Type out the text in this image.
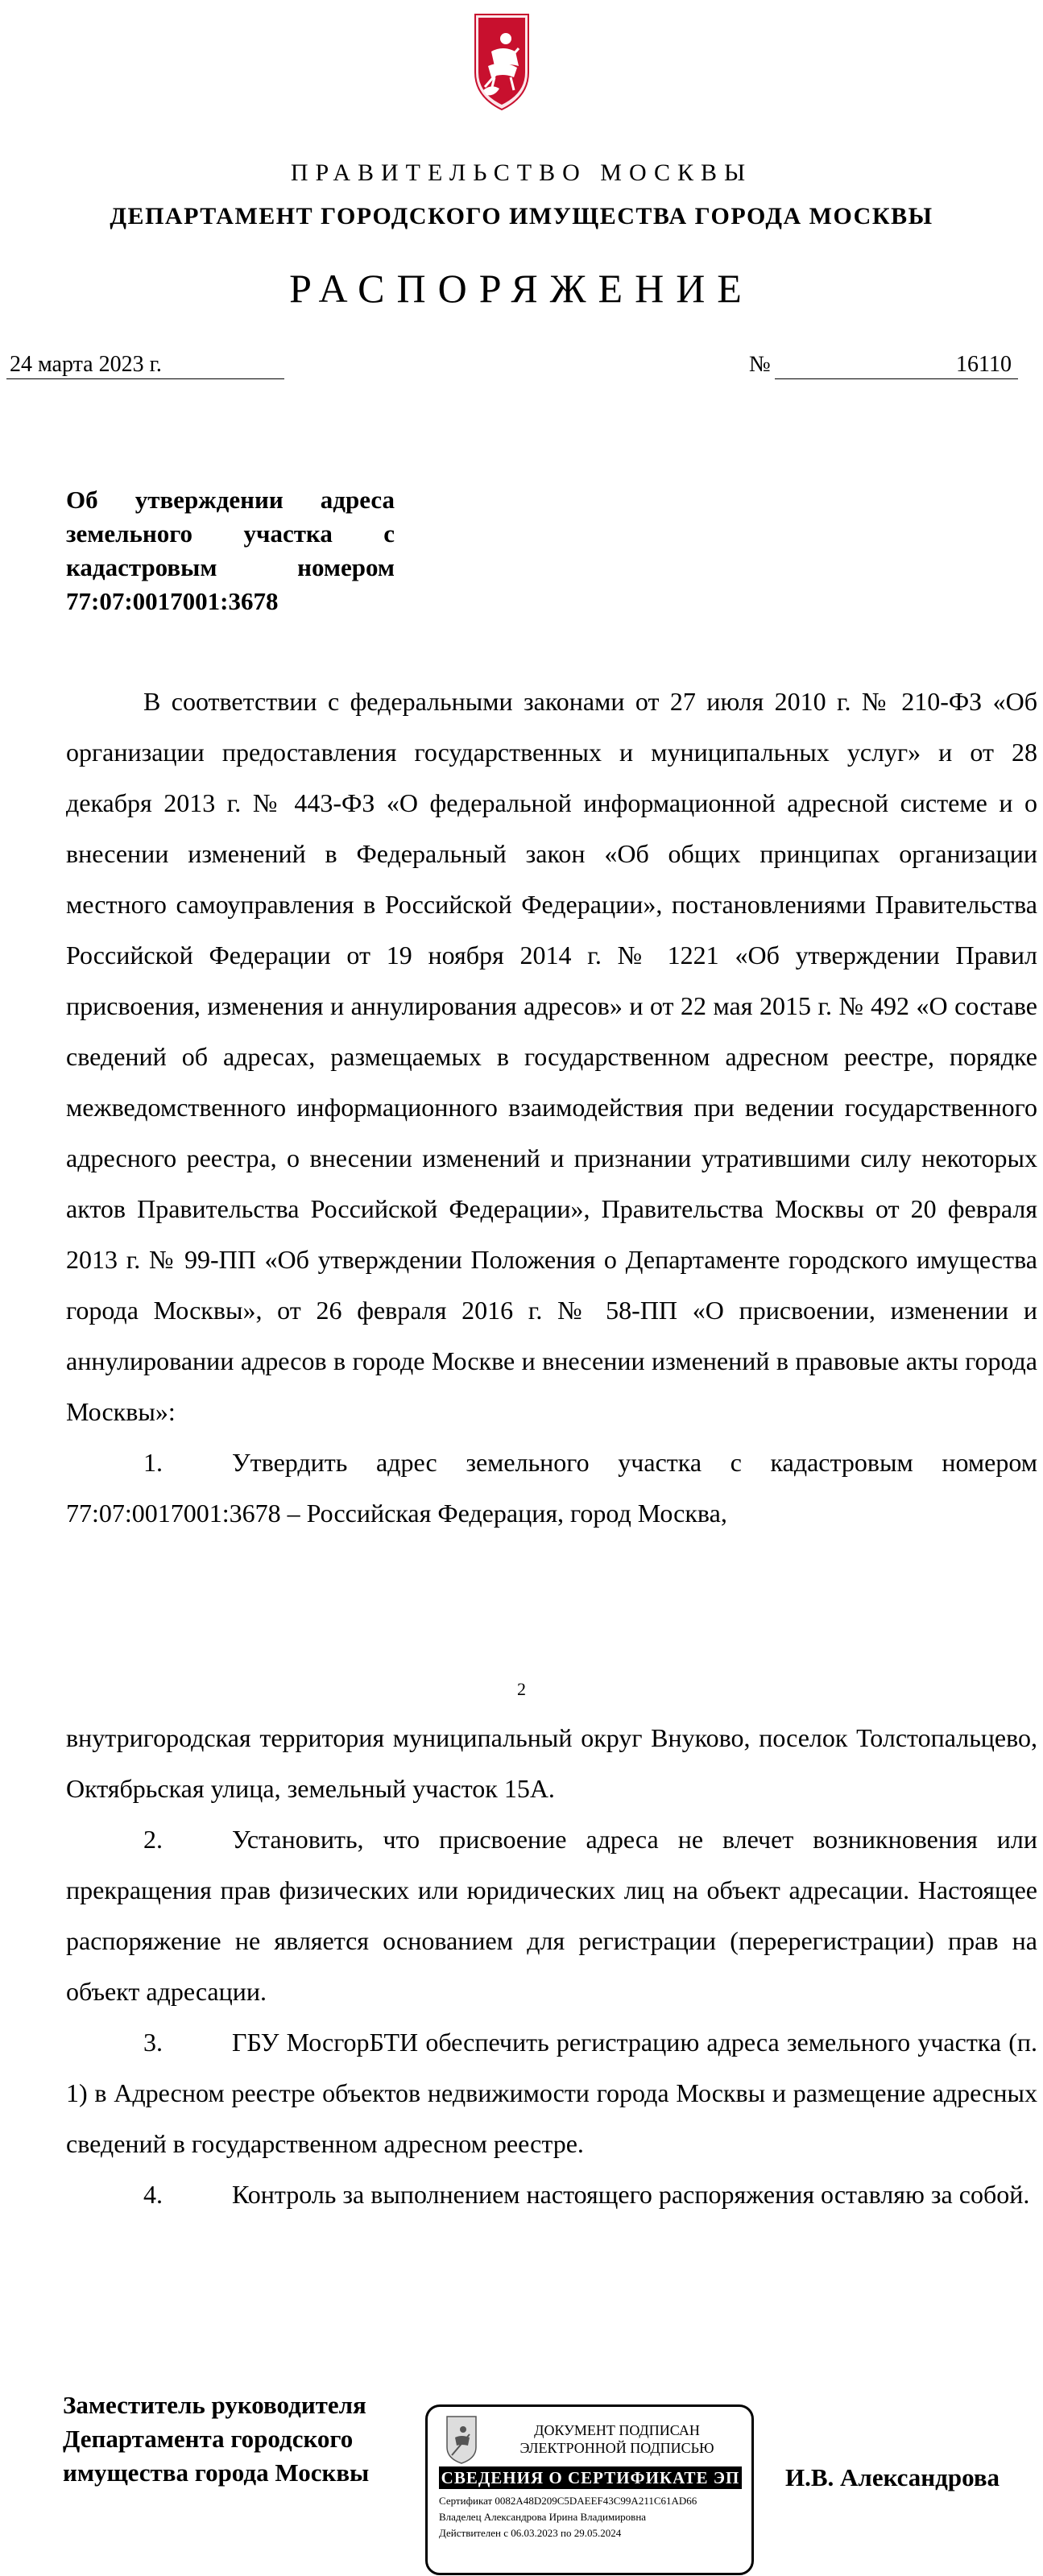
ПРАВИТЕЛЬСТВО МОСКВЫ
ДЕПАРТАМЕНТ ГОРОДСКОГО ИМУЩЕСТВА ГОРОДА МОСКВЫ
РАСПОРЯЖЕНИЕ
24 марта 2023 г.	№	16110
Об утверждении адреса земельного участка с кадастровым номером 77:07:0017001:3678

В соответствии с федеральными законами от 27 июля 2010 г. № 210-ФЗ «Об организации предоставления государственных и муниципальных услуг» и от 28 декабря 2013 г. № 443-ФЗ «О федеральной информационной адресной системе и о внесении изменений в Федеральный закон «Об общих принципах организации местного самоуправления в Российской Федерации», постановлениями Правительства Российской Федерации от 19 ноября 2014 г. № 1221 «Об утверждении Правил присвоения, изменения и аннулирования адресов» и от 22 мая 2015 г. № 492 «О составе сведений об адресах, размещаемых в государственном адресном реестре, порядке межведомственного информационного взаимодействия при ведении государственного адресного реестра, о внесении изменений и признании утратившими силу некоторых актов Правительства Российской Федерации», Правительства Москвы от 20 февраля 2013 г. № 99-ПП «Об утверждении Положения о Департаменте городского имущества города Москвы», от 26 февраля 2016 г. № 58-ПП «О присвоении, изменении и аннулировании адресов в городе Москве и внесении изменений в правовые акты города Москвы»:

1.	Утвердить адрес земельного участка с кадастровым номером 77:07:0017001:3678 – Российская Федерация, город Москва,

2

внутригородская территория муниципальный округ Внуково, поселок Толстопальцево, Октябрьская улица, земельный участок 15А.

2.	Установить, что присвоение адреса не влечет возникновения или прекращения прав физических или юридических лиц на объект адресации. Настоящее распоряжение не является основанием для регистрации (перерегистрации) прав на объект адресации.

3.	ГБУ МосгорБТИ обеспечить регистрацию адреса земельного участка (п. 1) в Адресном реестре объектов недвижимости города Москвы и размещение адресных сведений в государственном адресном реестре.

4.	Контроль за выполнением настоящего распоряжения оставляю за собой.

Заместитель руководителя
Департамента городского
имущества города Москвы
ДОКУМЕНТ ПОДПИСАН
ЭЛЕКТРОННОЙ ПОДПИСЬЮ
СВЕДЕНИЯ О СЕРТИФИКАТЕ ЭП
Сертификат 0082A48D209C5DAEEF43C99A211C61AD66
Владелец Александрова Ирина Владимировна
Действителен с 06.03.2023 по 29.05.2024
И.В. Александрова
